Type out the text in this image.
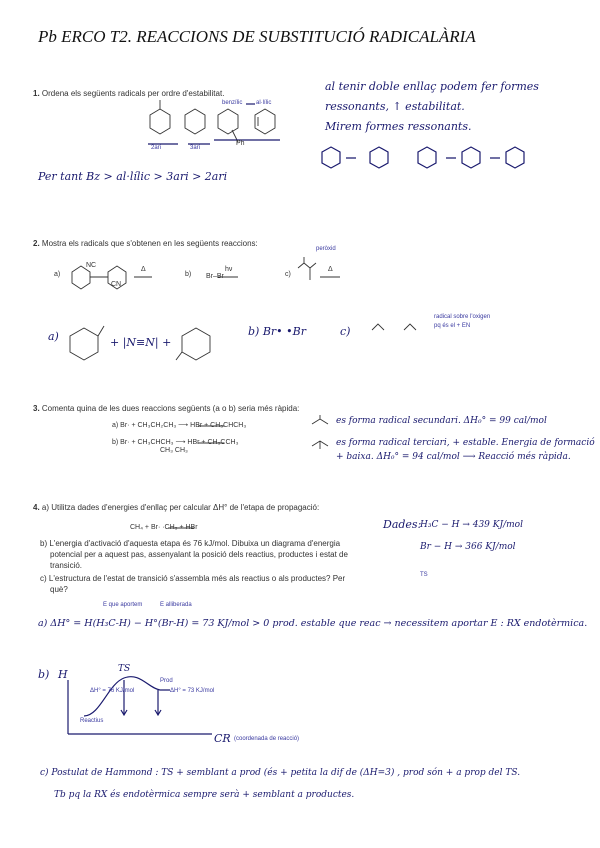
Pb ERCO T2. REACCIONS DE SUBSTITUCIÓ RADICALÀRIA
1. Ordena els següents radicals per ordre d'estabilitat.
2ari	3ari
benzílic al·lílic
Ph
Per tant Bz > al·lílic > 3ari > 2ari
al tenir doble enllaç podem fer formes
ressonants, ↑ estabilitat.
Mirem formes ressonants.
2. Mostra els radicals que s'obtenen en les següents reaccions:
a)	b)	c)
Δ	hν	Δ
Br–Br
NC
CN
peròxid
a)	+ |N≡N| +
b) Br• •Br	c)
radical sobre l'oxigen
pq és el + EN
3. Comenta quina de les dues reaccions següents (a o b) seria més ràpida:
a) Br· + CH₃CH₂CH₃ ⟶ HBr + CH₃CHCH₃
b) Br· + CH₃CHCH₃ ⟶ HBr + CH₃CCH₃
CH₃ CH₃
es forma radical secundari. ΔH₀° = 99 cal/mol
es forma radical terciari, + estable. Energia de formació
+ baixa. ΔH₀° = 94 cal/mol ⟶ Reacció més ràpida.
4. a) Utilitza dades d'energies d'enllaç per calcular ΔH° de l'etapa de propagació:
CH₄ + Br· ·CH₃ + HBr
b) L'energia d'activació d'aquesta etapa és 76 kJ/mol. Dibuixa un diagrama d'energia
potencial per a aquest pas, assenyalant la posició dels reactius, productes i estat de
transició.
c) L'estructura de l'estat de transició s'assembla més als reactius o als productes? Per
què?
Dades:
H₃C − H → 439 KJ/mol
Br − H → 366 KJ/mol
TS
E que aportem	E alliberada
a) ΔH° = H(H₃C-H) − H°(Br-H) = 73 KJ/mol > 0 prod. estable que reac → necessitem aportar E : RX endotèrmica.
b) H	TS
Prod
Reactius
ΔH° = 76 KJ/mol	ΔH° = 73 KJ/mol
CR (coordenada de reacció)
c) Postulat de Hammond : TS + semblant a prod (és + petita la dif de (ΔH=3) , prod són + a prop del TS.
Tb pq la RX és endotèrmica sempre serà + semblant a productes.
